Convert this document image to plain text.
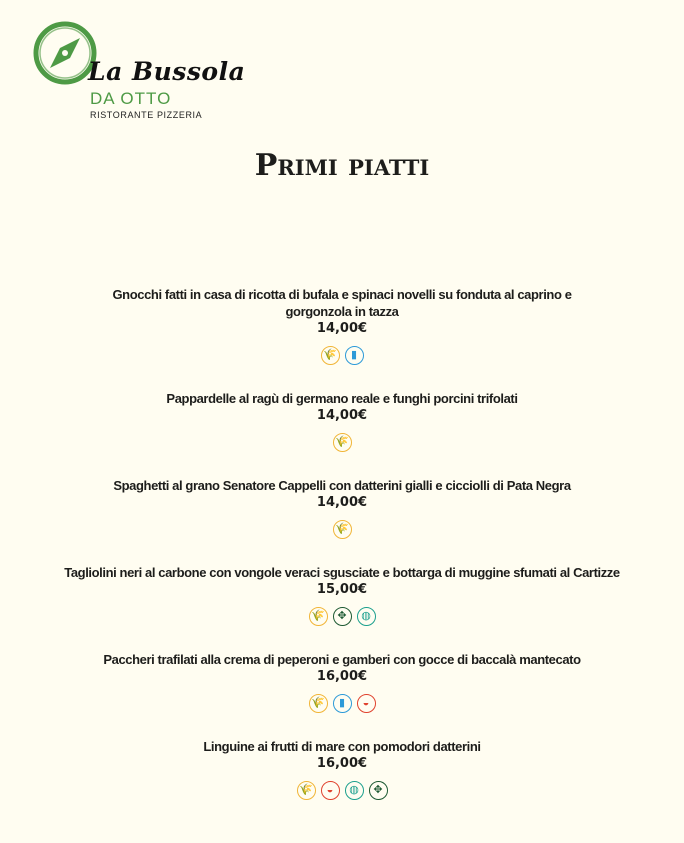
La Bussola
DA OTTO
RISTORANTE PIZZERIA
Primi piatti
Gnocchi fatti in casa di ricotta di bufala e spinaci novelli su fonduta al caprino e gorgonzola in tazza
14,00€
🌾	▮
Pappardelle al ragù di germano reale e funghi porcini trifolati
14,00€
🌾
Spaghetti al grano Senatore Cappelli con datterini gialli e cicciolli di Pata Negra
14,00€
🌾
Tagliolini neri al carbone con vongole veraci sgusciate e bottarga di muggine sfumati al Cartizze
15,00€
🌾	✥	◍
Paccheri trafilati alla crema di peperoni e gamberi con gocce di baccalà mantecato
16,00€
🌾	▮	◒
Linguine ai frutti di mare con pomodori datterini
16,00€
🌾	◒	◍	✥
